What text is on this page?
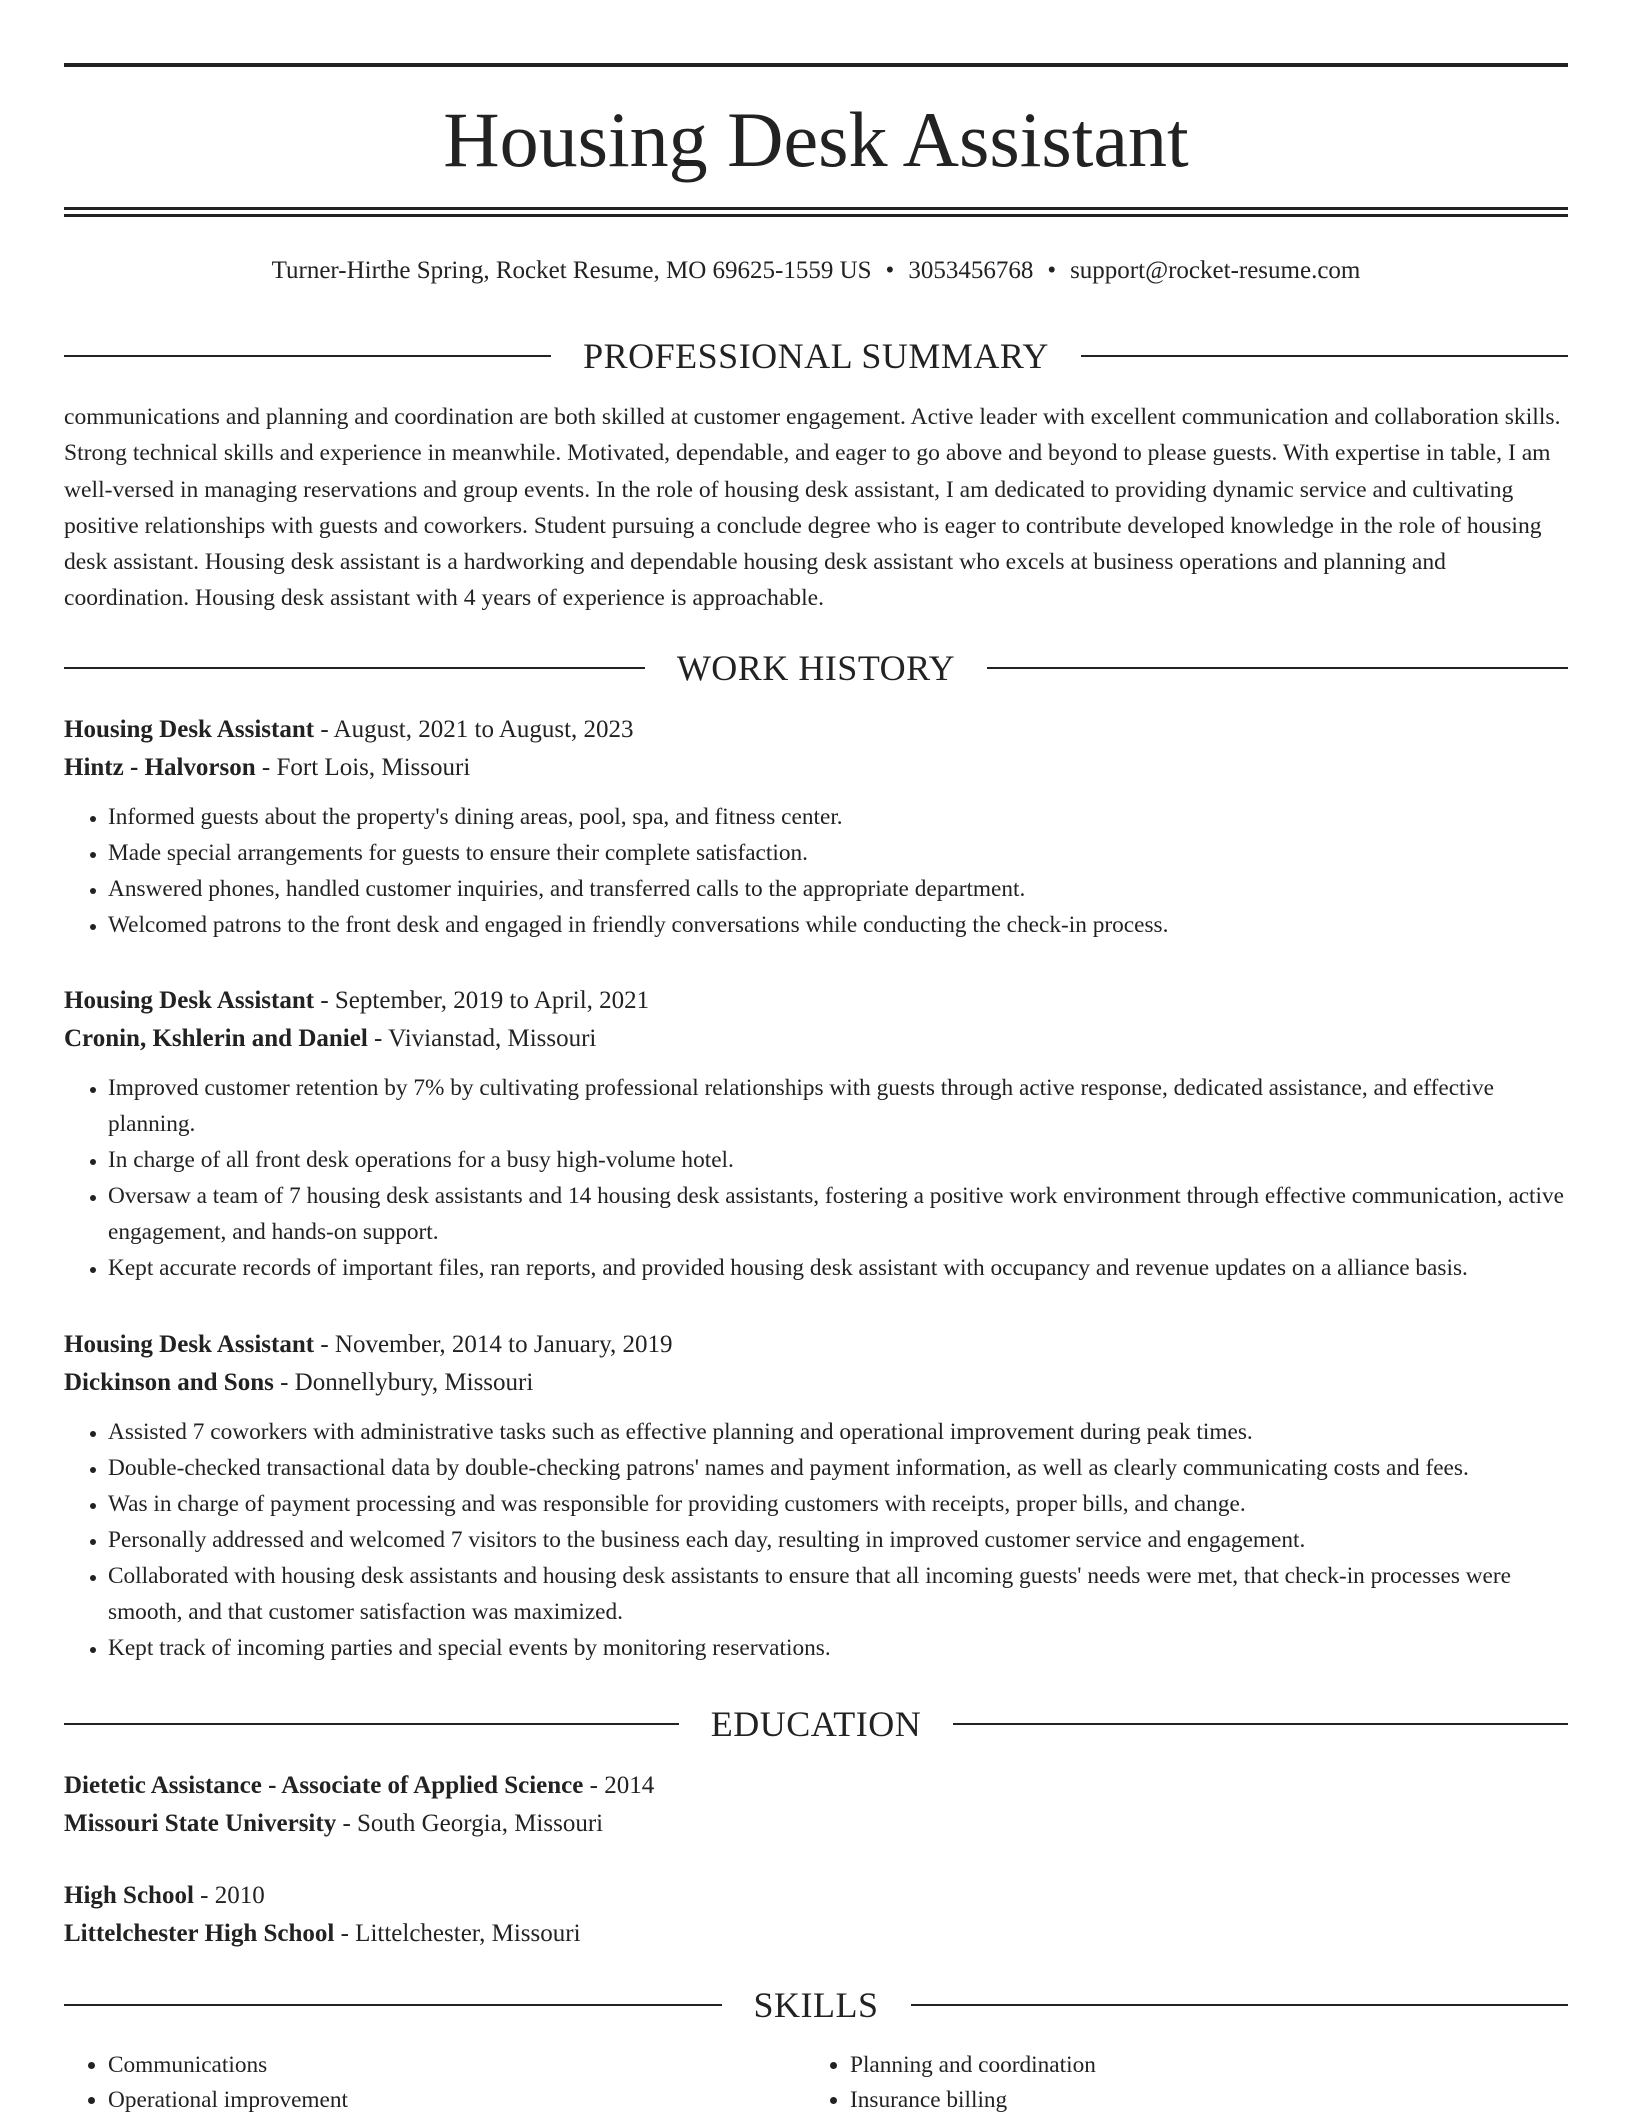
Housing Desk Assistant
Turner-Hirthe Spring, Rocket Resume, MO 69625-1559 US • 3053456768 • support@rocket-resume.com
PROFESSIONAL SUMMARY

communications and planning and coordination are both skilled at customer engagement. Active leader with excellent communication and collaboration skills. Strong technical skills and experience in meanwhile. Motivated, dependable, and eager to go above and beyond to please guests. With expertise in table, I am well-versed in managing reservations and group events. In the role of housing desk assistant, I am dedicated to providing dynamic service and cultivating positive relationships with guests and coworkers. Student pursuing a conclude degree who is eager to contribute developed knowledge in the role of housing desk assistant. Housing desk assistant is a hardworking and dependable housing desk assistant who excels at business operations and planning and coordination. Housing desk assistant with 4 years of experience is approachable.

WORK HISTORY
Housing Desk Assistant - August, 2021 to August, 2023
Hintz - Halvorson - Fort Lois, Missouri
• Informed guests about the property's dining areas, pool, spa, and fitness center.
• Made special arrangements for guests to ensure their complete satisfaction.
• Answered phones, handled customer inquiries, and transferred calls to the appropriate department.
• Welcomed patrons to the front desk and engaged in friendly conversations while conducting the check-in process.
Housing Desk Assistant - September, 2019 to April, 2021
Cronin, Kshlerin and Daniel - Vivianstad, Missouri
• Improved customer retention by 7% by cultivating professional relationships with guests through active response, dedicated assistance, and effective planning.
• In charge of all front desk operations for a busy high-volume hotel.
• Oversaw a team of 7 housing desk assistants and 14 housing desk assistants, fostering a positive work environment through effective communication, active engagement, and hands-on support.
• Kept accurate records of important files, ran reports, and provided housing desk assistant with occupancy and revenue updates on a alliance basis.
Housing Desk Assistant - November, 2014 to January, 2019
Dickinson and Sons - Donnellybury, Missouri
• Assisted 7 coworkers with administrative tasks such as effective planning and operational improvement during peak times.
• Double-checked transactional data by double-checking patrons' names and payment information, as well as clearly communicating costs and fees.
• Was in charge of payment processing and was responsible for providing customers with receipts, proper bills, and change.
• Personally addressed and welcomed 7 visitors to the business each day, resulting in improved customer service and engagement.
• Collaborated with housing desk assistants and housing desk assistants to ensure that all incoming guests' needs were met, that check-in processes were smooth, and that customer satisfaction was maximized.
• Kept track of incoming parties and special events by monitoring reservations.
EDUCATION
Dietetic Assistance - Associate of Applied Science - 2014
Missouri State University - South Georgia, Missouri
High School - 2010
Littelchester High School - Littelchester, Missouri
SKILLS
• Communications
• Operational improvement
• Planning and coordination
• Insurance billing
